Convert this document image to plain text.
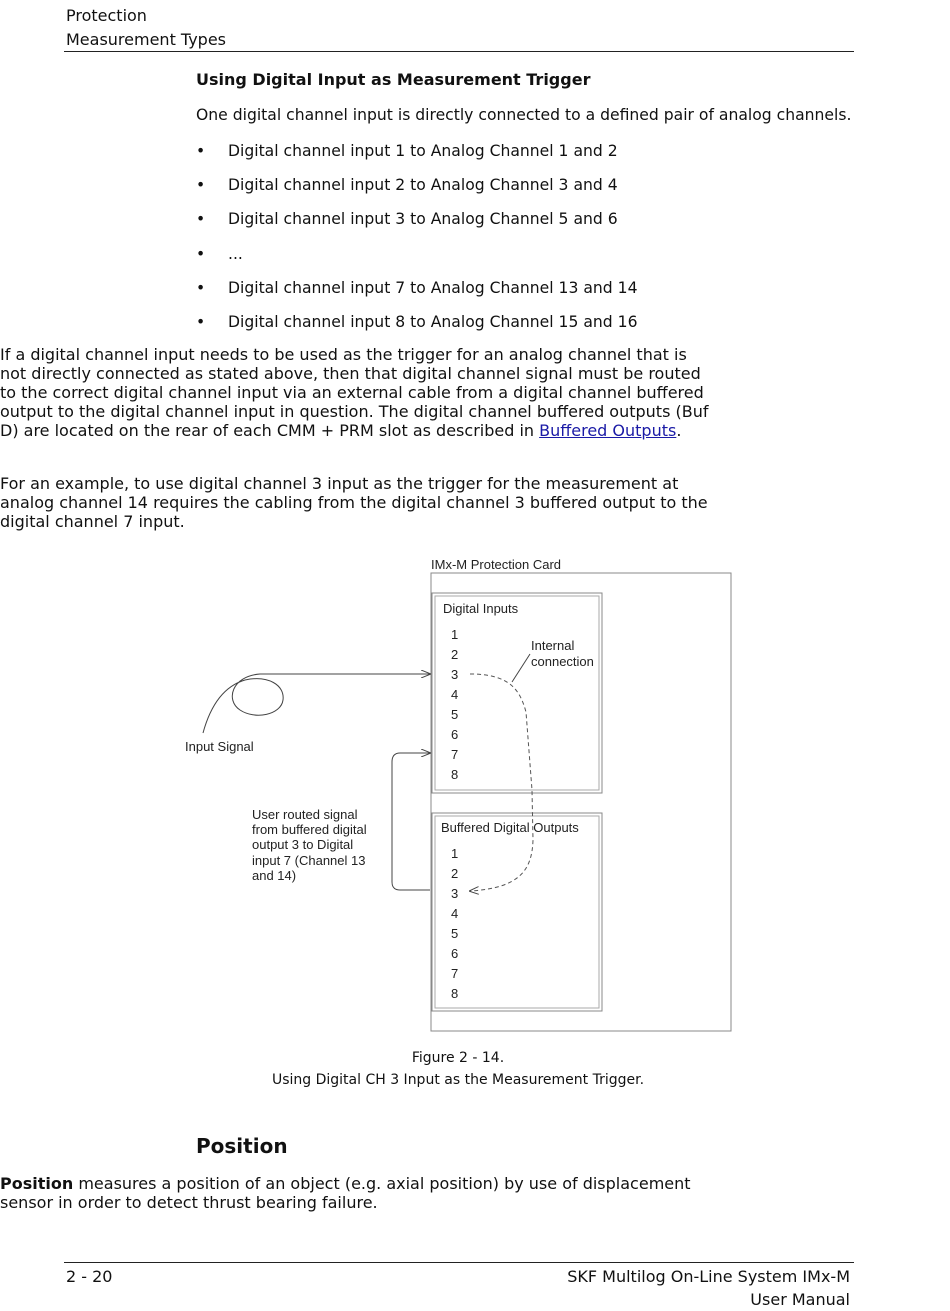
Protection
Measurement Types
Using Digital Input as Measurement Trigger

One digital channel input is directly connected to a defined pair of analog channels.

• Digital channel input 1 to Analog Channel 1 and 2
• Digital channel input 2 to Analog Channel 3 and 4
• Digital channel input 3 to Analog Channel 5 and 6
• ...
• Digital channel input 7 to Analog Channel 13 and 14
• Digital channel input 8 to Analog Channel 15 and 16
If a digital channel input needs to be used as the trigger for an analog channel that is
not directly connected as stated above, then that digital channel signal must be routed
to the correct digital channel input via an external cable from a digital channel buffered
output to the digital channel input in question. The digital channel buffered outputs (Buf
D) are located on the rear of each CMM + PRM slot as described in Buffered Outputs.
For an example, to use digital channel 3 input as the trigger for the measurement at
analog channel 14 requires the cabling from the digital channel 3 buffered output to the
digital channel 7 input.
IMx-M Protection Card
Digital Inputs
Buffered Digital Outputs
1
2
3
4
5
6
7
8
1
2
3
4
5
6
7
8
Internal
connection
Input Signal
User routed signal
from buffered digital
output 3 to Digital
input 7 (Channel 13
and 14)
Figure 2 - 14.
Using Digital CH 3 Input as the Measurement Trigger.
Position
Position measures a position of an object (e.g. axial position) by use of displacement
sensor in order to detect thrust bearing failure.
2 - 20	SKF Multilog On-Line System IMx-M
User Manual
